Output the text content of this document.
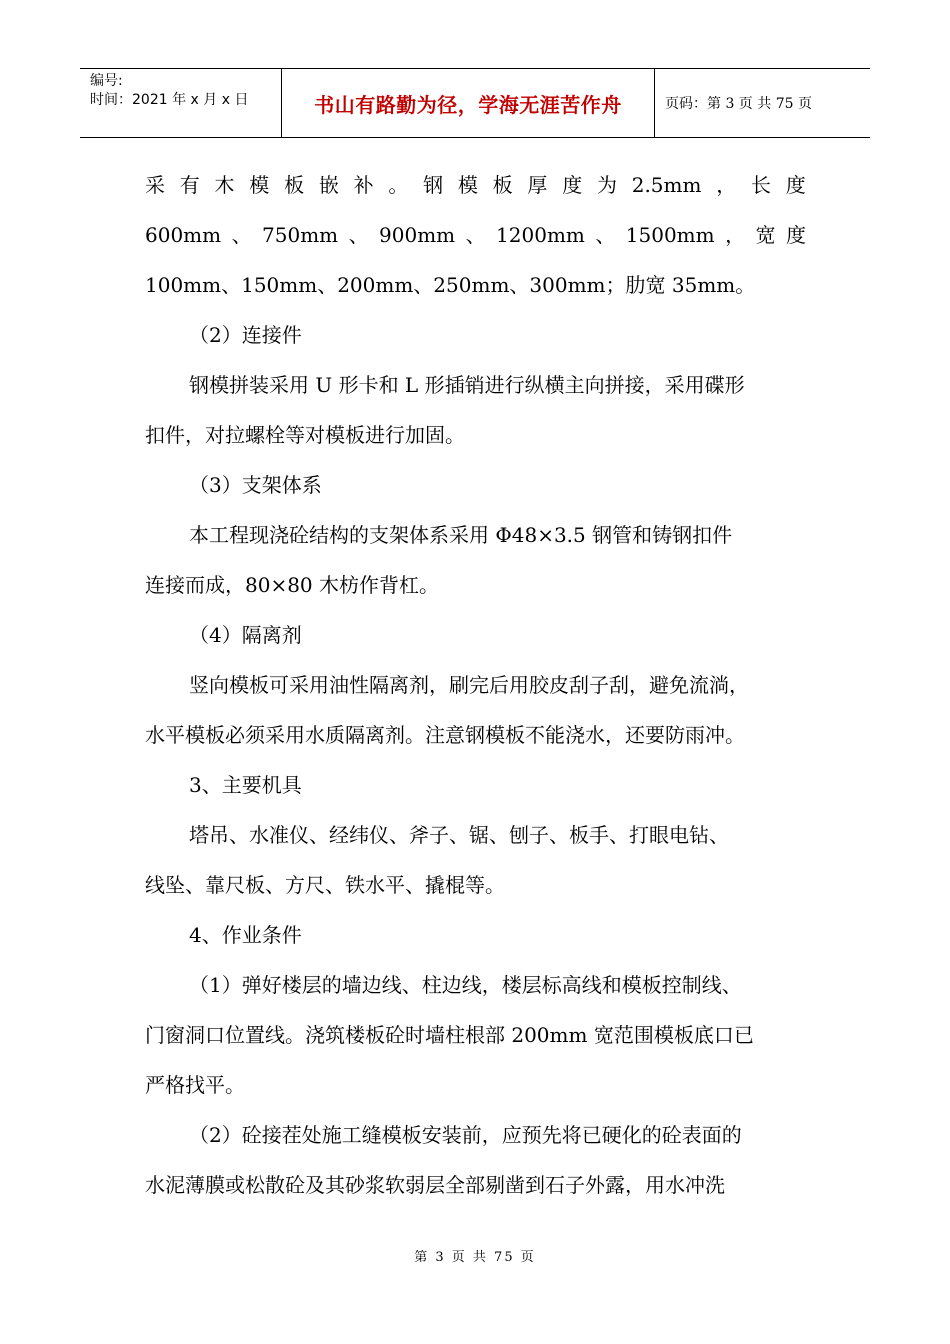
编号:
时间：2021 年 x 月 x 日	书山有路勤为径，学海无涯苦作舟	页码：第 3 页 共 75 页
采 有 木 模 板 嵌 补 。 钢 模 板 厚 度 为 2.5mm ， 长 度
600mm 、 750mm 、 900mm 、 1200mm 、 1500mm ， 宽 度
100mm、150mm、200mm、250mm、300mm；肋宽 35mm。
（2）连接件
钢模拼装采用 U 形卡和 L 形插销进行纵横主向拼接，采用碟形
扣件，对拉螺栓等对模板进行加固。
（3）支架体系
本工程现浇砼结构的支架体系采用 Φ48×3.5 钢管和铸钢扣件
连接而成，80×80 木枋作背杠。
（4）隔离剂
竖向模板可采用油性隔离剂，刷完后用胶皮刮子刮，避免流淌，
水平模板必须采用水质隔离剂。注意钢模板不能浇水，还要防雨冲。
3、主要机具
塔吊、水准仪、经纬仪、斧子、锯、刨子、板手、打眼电钻、
线坠、靠尺板、方尺、铁水平、撬棍等。
4、作业条件
（1）弹好楼层的墙边线、柱边线，楼层标高线和模板控制线、
门窗洞口位置线。浇筑楼板砼时墙柱根部 200mm 宽范围模板底口已
严格找平。
（2）砼接茬处施工缝模板安装前，应预先将已硬化的砼表面的
水泥薄膜或松散砼及其砂浆软弱层全部剔凿到石子外露，用水冲洗
第 3 页 共 75 页
